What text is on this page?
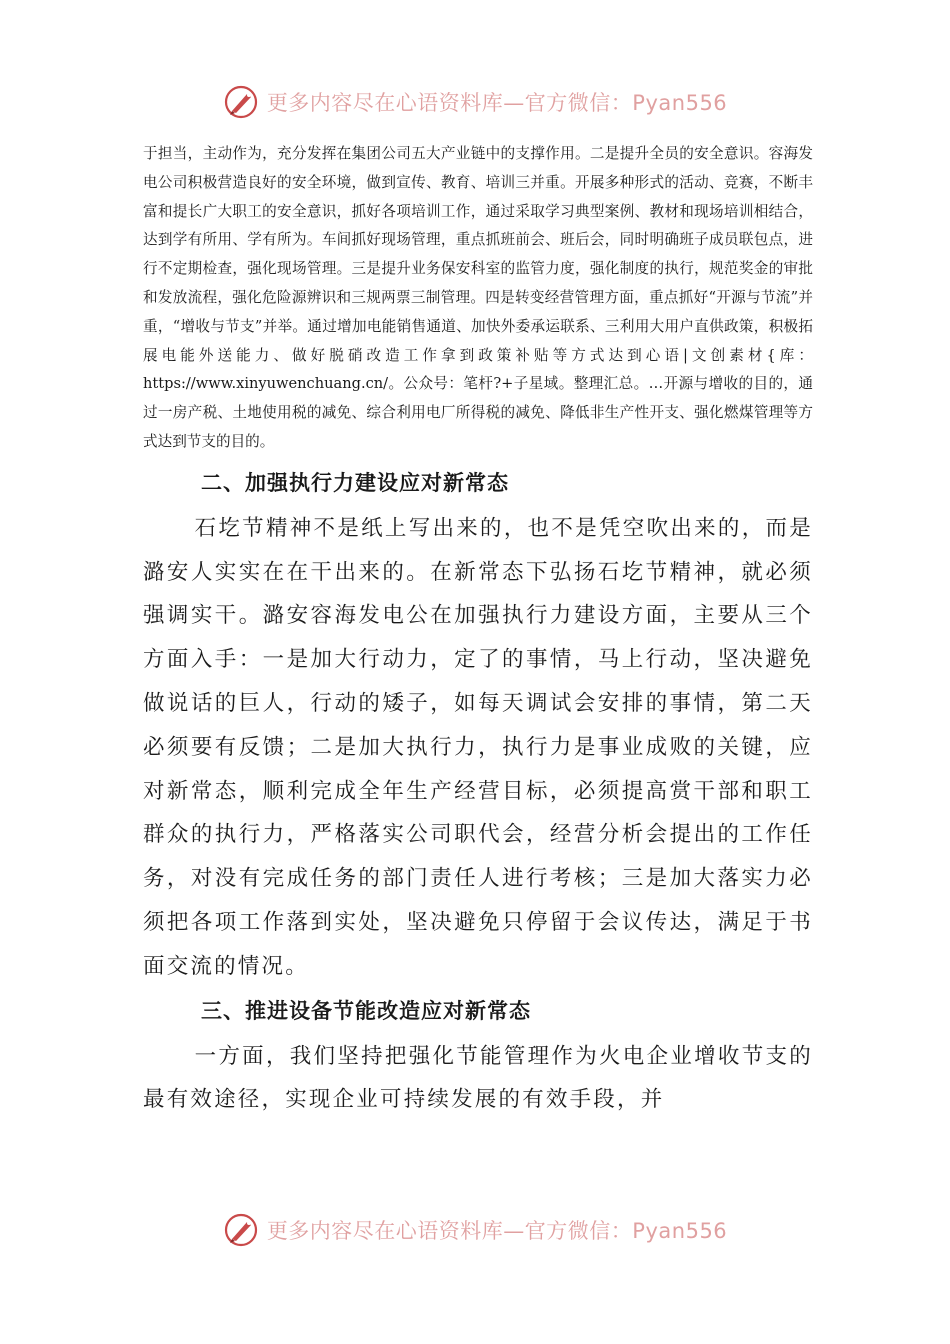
更多内容尽在心语资料库—官方微信：Pyan556

于担当，主动作为，充分发挥在集团公司五大产业链中的支撑作用。二是提升全员的安全意识。容海发电公司积极营造良好的安全环境，做到宣传、教育、培训三并重。开展多种形式的活动、竞赛，不断丰富和提长广大职工的安全意识，抓好各项培训工作，通过采取学习典型案例、教材和现场培训相结合，达到学有所用、学有所为。车间抓好现场管理，重点抓班前会、班后会，同时明确班子成员联包点，进行不定期检查，强化现场管理。三是提升业务保安科室的监管力度，强化制度的执行，规范奖金的审批和发放流程，强化危险源辨识和三规两票三制管理。四是转变经营管理方面，重点抓好“开源与节流”并重，“增收与节支”并举。通过增加电能销售通道、加快外委承运联系、三利用大用户直供政策，积极拓展电能外送能力、做好脱硝改造工作拿到政策补贴等方式达到心语|文创素材{库：https://www.xinyuwenchuang.cn/。公众号：笔杆?+子星域。整理汇总。…开源与增收的目的，通过一房产税、土地使用税的减免、综合利用电厂所得税的减免、降低非生产性开支、强化燃煤管理等方式达到节支的目的。

二、加强执行力建设应对新常态

石圪节精神不是纸上写出来的，也不是凭空吹出来的，而是潞安人实实在在干出来的。在新常态下弘扬石圪节精神，就必须强调实干。潞安容海发电公在加强执行力建设方面，主要从三个方面入手：一是加大行动力，定了的事情，马上行动，坚决避免做说话的巨人，行动的矮子，如每天调试会安排的事情，第二天必须要有反馈；二是加大执行力，执行力是事业成败的关键，应对新常态，顺利完成全年生产经营目标，必须提高赏干部和职工群众的执行力，严格落实公司职代会，经营分析会提出的工作任务，对没有完成任务的部门责任人进行考核；三是加大落实力必须把各项工作落到实处，坚决避免只停留于会议传达，满足于书面交流的情况。

三、推进设备节能改造应对新常态

一方面，我们坚持把强化节能管理作为火电企业增收节支的最有效途径，实现企业可持续发展的有效手段，并

更多内容尽在心语资料库—官方微信：Pyan556
